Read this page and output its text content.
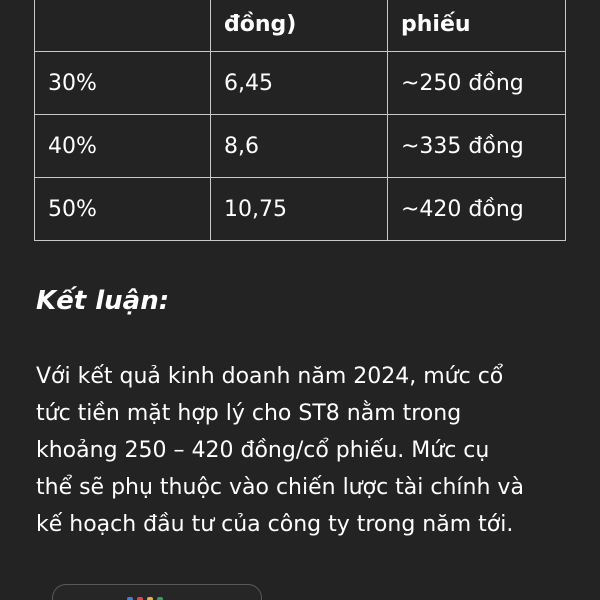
	đồng)	phiếu
30%	6,45	~250 đồng
40%	8,6	~335 đồng
50%	10,75	~420 đồng
Kết luận:

Với kết quả kinh doanh năm 2024, mức cổ
tức tiền mặt hợp lý cho ST8 nằm trong
khoảng 250 – 420 đồng/cổ phiếu. Mức cụ
thể sẽ phụ thuộc vào chiến lược tài chính và
kế hoạch đầu tư của công ty trong năm tới.
